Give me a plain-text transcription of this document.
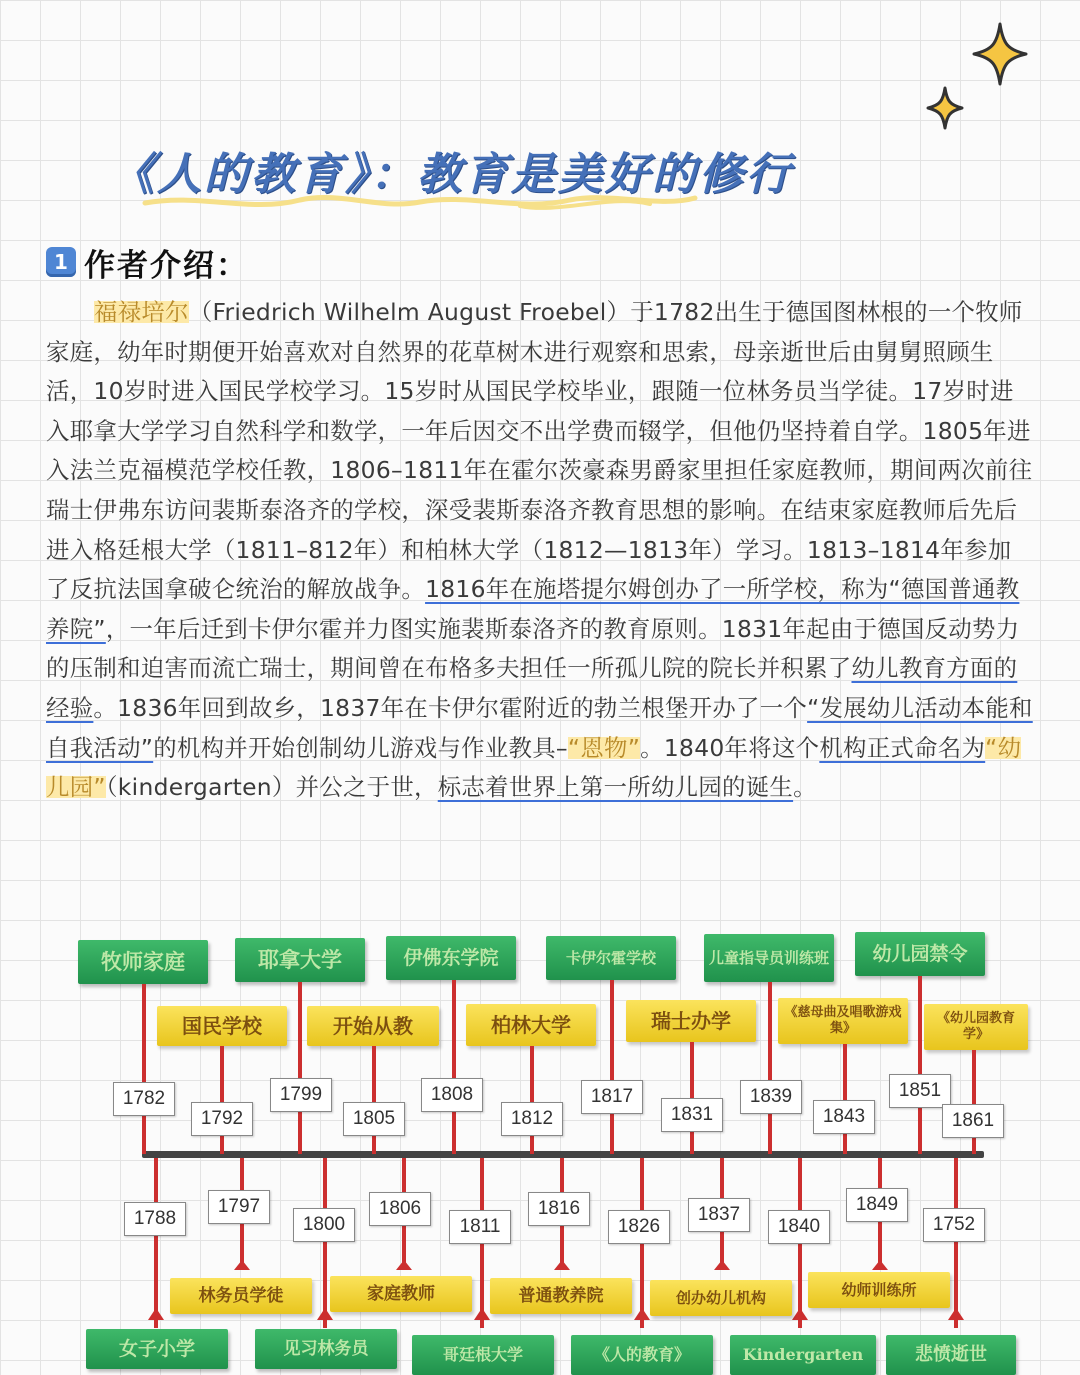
《人的教育》：教育是美好的修行
1 作者介绍：
福禄培尔（Friedrich Wilhelm August Froebel）于1782出生于德国图林根的一个牧师家庭，幼年时期便开始喜欢对自然界的花草树木进行观察和思索，母亲逝世后由舅舅照顾生活，10岁时进入国民学校学习。15岁时从国民学校毕业，跟随一位林务员当学徒。17岁时进入耶拿大学学习自然科学和数学，一年后因交不出学费而辍学，但他仍坚持着自学。1805年进入法兰克福模范学校任教，1806–1811年在霍尔茨豪森男爵家里担任家庭教师，期间两次前往瑞士伊弗东访问裴斯泰洛齐的学校，深受裴斯泰洛齐教育思想的影响。在结束家庭教师后先后进入格廷根大学（1811–812年）和柏林大学（1812—1813年）学习。1813–1814年参加了反抗法国拿破仑统治的解放战争。1816年在施塔提尔姆创办了一所学校，称为“德国普通教养院”，一年后迁到卡伊尔霍并力图实施裴斯泰洛齐的教育原则。1831年起由于德国反动势力的压制和迫害而流亡瑞士，期间曾在布格多夫担任一所孤儿院的院长并积累了幼儿教育方面的经验。1836年回到故乡，1837年在卡伊尔霍附近的勃兰根堡开办了一个“发展幼儿活动本能和自我活动”的机构并开始创制幼儿游戏与作业教具–“恩物”。1840年将这个机构正式命名为“幼儿园”（kindergarten）并公之于世，标志着世界上第一所幼儿园的诞生。
牧师家庭	耶拿大学	伊佛东学院	卡伊尔霍学校	儿童指导员训练班	幼儿园禁令
国民学校	开始从教	柏林大学	瑞士办学	《慈母曲及唱歌游戏集》
《幼儿园教育学》
1782	1799	1808	1817	1839	1851
1792	1805	1812	1831	1843	1861
1788
1797
1800
1806
1811
1816
1826
1837
1840
1849
1752
林务员学徒	家庭教师	普通教养院	创办幼儿机构	幼师训练所
女子小学	见习林务员	哥廷根大学	《人的教育》	Kindergarten	悲愤逝世
